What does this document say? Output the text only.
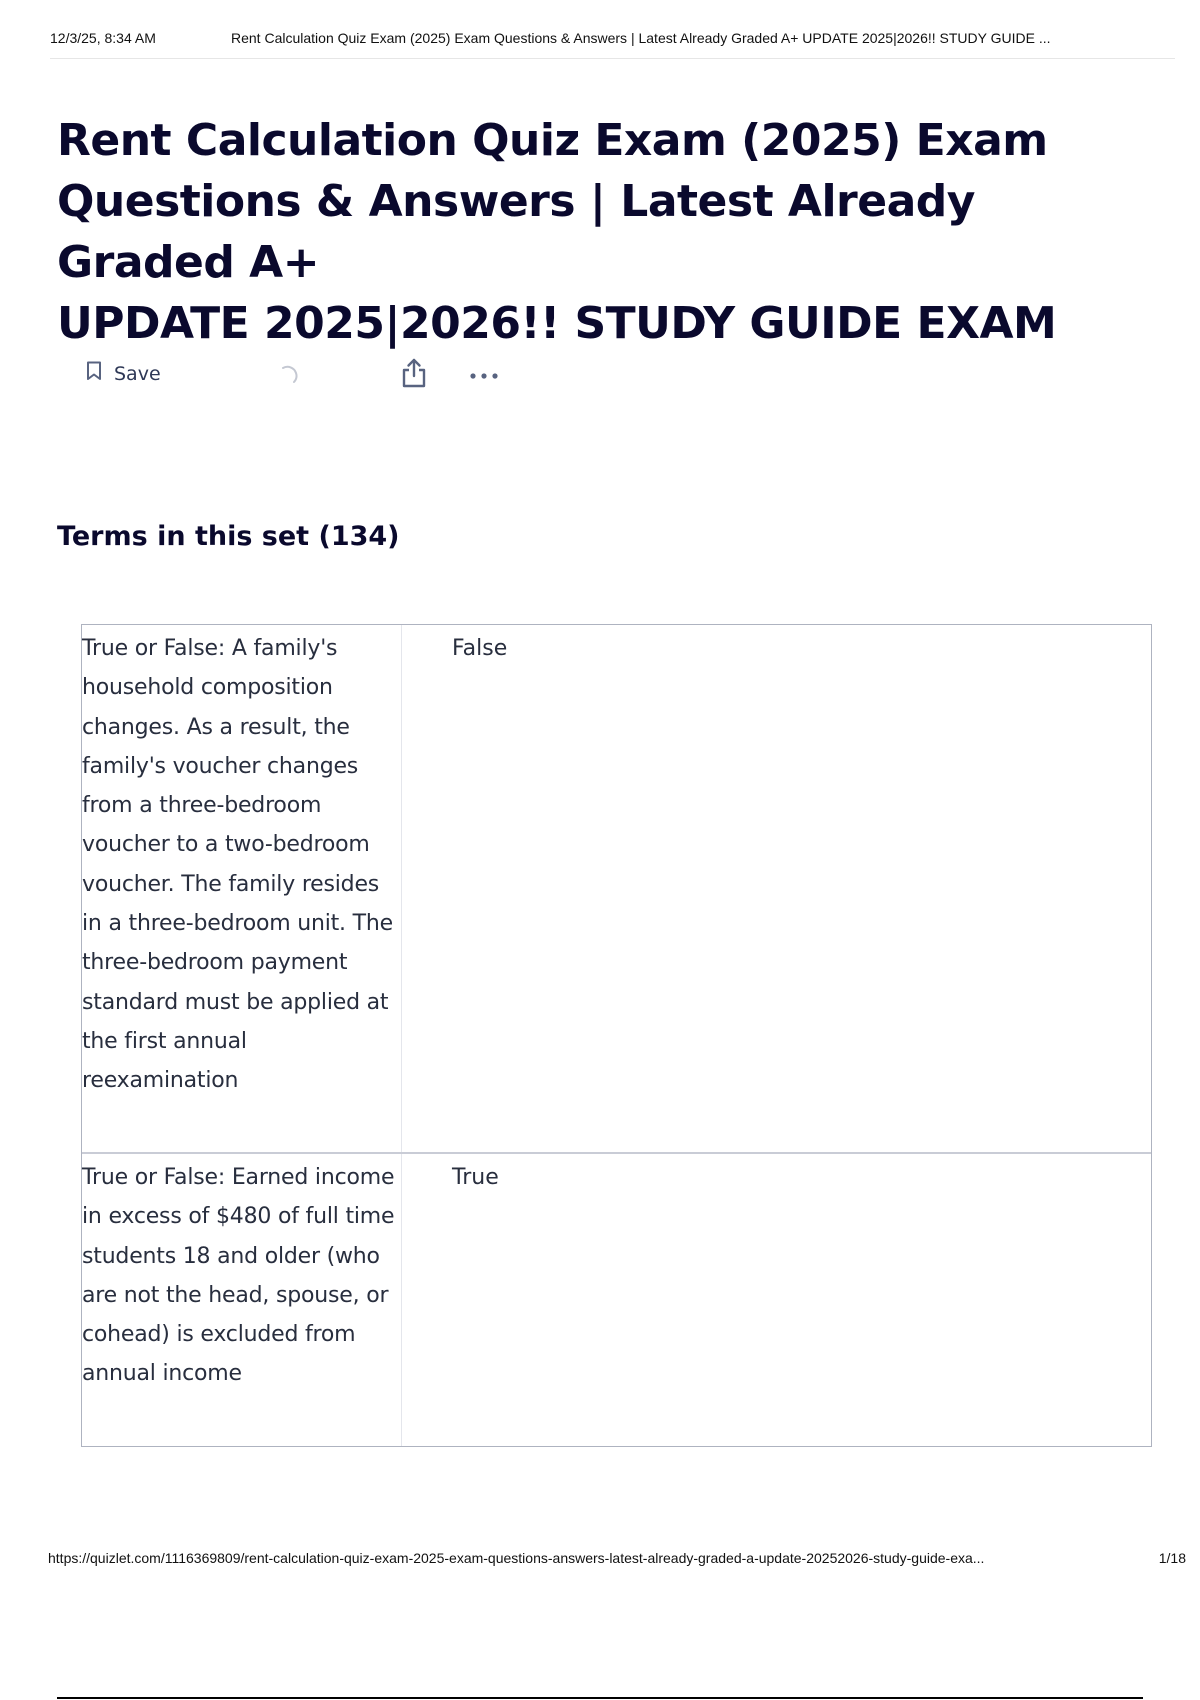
12/3/25, 8:34 AM	Rent Calculation Quiz Exam (2025) Exam Questions & Answers | Latest Already Graded A+ UPDATE 2025|2026!! STUDY GUIDE ...
Rent Calculation Quiz Exam (2025) Exam
Questions & Answers | Latest Already Graded A+
UPDATE 2025|2026!! STUDY GUIDE EXAM
Save
Terms in this set (134)
True or False: A family's household composition changes. As a result, the family's voucher changes from a three-bedroom voucher to a two-bedroom voucher. The family resides in a three-bedroom unit. The three-bedroom payment standard must be applied at the first annual reexamination
False
True or False: Earned income in excess of $480 of full time students 18 and older (who are not the head, spouse, or cohead) is excluded from annual income
True
https://quizlet.com/1116369809/rent-calculation-quiz-exam-2025-exam-questions-answers-latest-already-graded-a-update-20252026-study-guide-exa...	1/18
